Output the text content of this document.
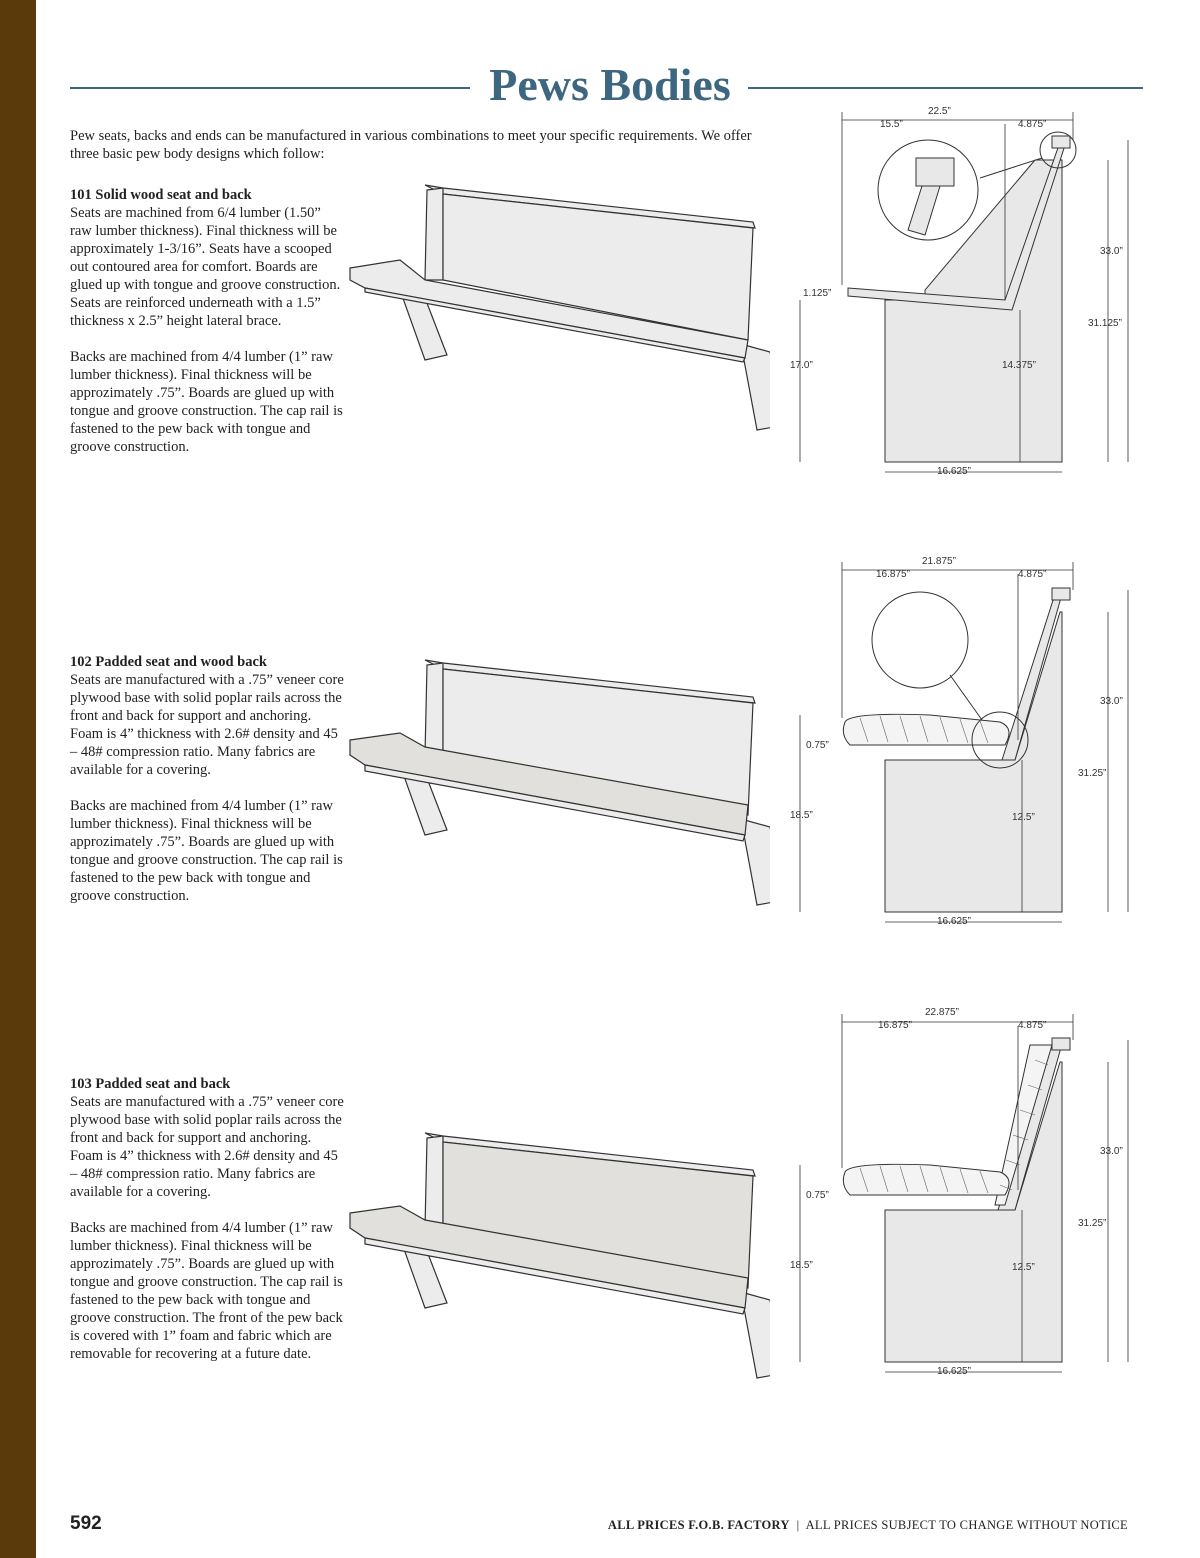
Pews Bodies
Pew seats, backs and ends can be manufactured in various combinations to meet your specific requirements. We offer three basic pew body designs which follow:
101 Solid wood seat and back

Seats are machined from 6/4 lumber (1.50” raw lumber thickness). Final thickness will be approximately 1-3/16”. Seats have a scooped out contoured area for comfort. Boards are glued up with tongue and groove construction. Seats are reinforced underneath with a 1.5” thickness x 2.5” height lateral brace.

Backs are machined from 4/4 lumber (1” raw lumber thickness). Final thickness will be approzimately .75”. Boards are glued up with tongue and groove construction. The cap rail is fastened to the pew back with tongue and groove construction.

102 Padded seat and wood back

Seats are manufactured with a .75” veneer core plywood base with solid poplar rails across the front and back for support and anchoring. Foam is 4” thickness with 2.6# density and 45 – 48# compression ratio. Many fabrics are available for a covering.

Backs are machined from 4/4 lumber (1” raw lumber thickness). Final thickness will be approzimately .75”. Boards are glued up with tongue and groove construction. The cap rail is fastened to the pew back with tongue and groove construction.

103 Padded seat and back

Seats are manufactured with a .75” veneer core plywood base with solid poplar rails across the front and back for support and anchoring. Foam is 4” thickness with 2.6# density and 45 – 48# compression ratio. Many fabrics are available for a covering.

Backs are machined from 4/4 lumber (1” raw lumber thickness). Final thickness will be approzimately .75”. Boards are glued up with tongue and groove construction. The cap rail is fastened to the pew back with tongue and groove construction. The front of the pew back is covered with 1” foam and fabric which are removable for recovering at a future date.

22.5”
15.5”	4.875”
1.125”
17.0”	14.375”
33.0”
31.125”
16.625”
21.875”
16.875”	4.875”
0.75”
18.5”	12.5”
33.0”
31.25”
16.625”
22.875”
16.875”	4.875”
0.75”
18.5”	12.5”
33.0”
31.25”
16.625”
592	ALL PRICES F.O.B. FACTORY | ALL PRICES SUBJECT TO CHANGE WITHOUT NOTICE
